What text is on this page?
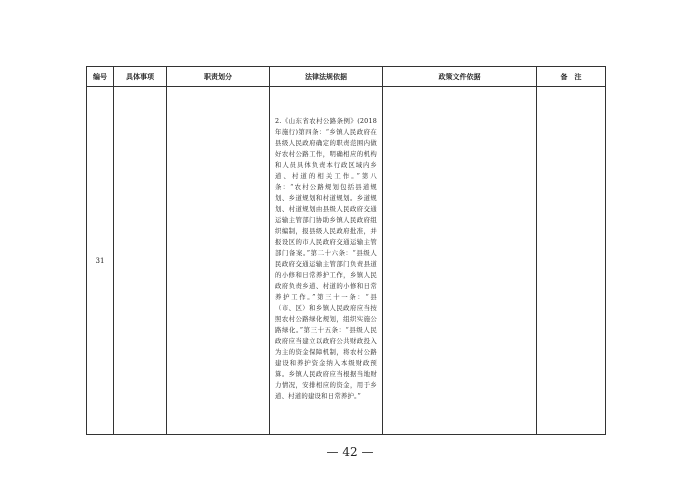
编号	具体事项	职责划分	法律法规依据	政策文件依据	备　注
31			2.《山东省农村公路条例》(2018年施行)第四条：“乡镇人民政府在县级人民政府确定的职责范围内做好农村公路工作，明确相应的机构和人员具体负责本行政区域内乡道、村道的相关工作。”第八条：“农村公路规划包括县道规划、乡道规划和村道规划。乡道规划、村道规划由县级人民政府交通运输主管部门协助乡镇人民政府组织编制，报县级人民政府批准，并报设区的市人民政府交通运输主管部门备案。”第二十六条：“县级人民政府交通运输主管部门负责县道的小修和日常养护工作，乡镇人民政府负责乡道、村道的小修和日常养护工作。”第三十一条：“县（市、区）和乡镇人民政府应当按照农村公路绿化规划，组织实施公路绿化。”第三十五条：“县级人民政府应当建立以政府公共财政投入为主的资金保障机制，将农村公路建设和养护资金纳入本级财政预算。乡镇人民政府应当根据当地财力情况，安排相应的资金，用于乡道、村道的建设和日常养护。”		

— 42 —
